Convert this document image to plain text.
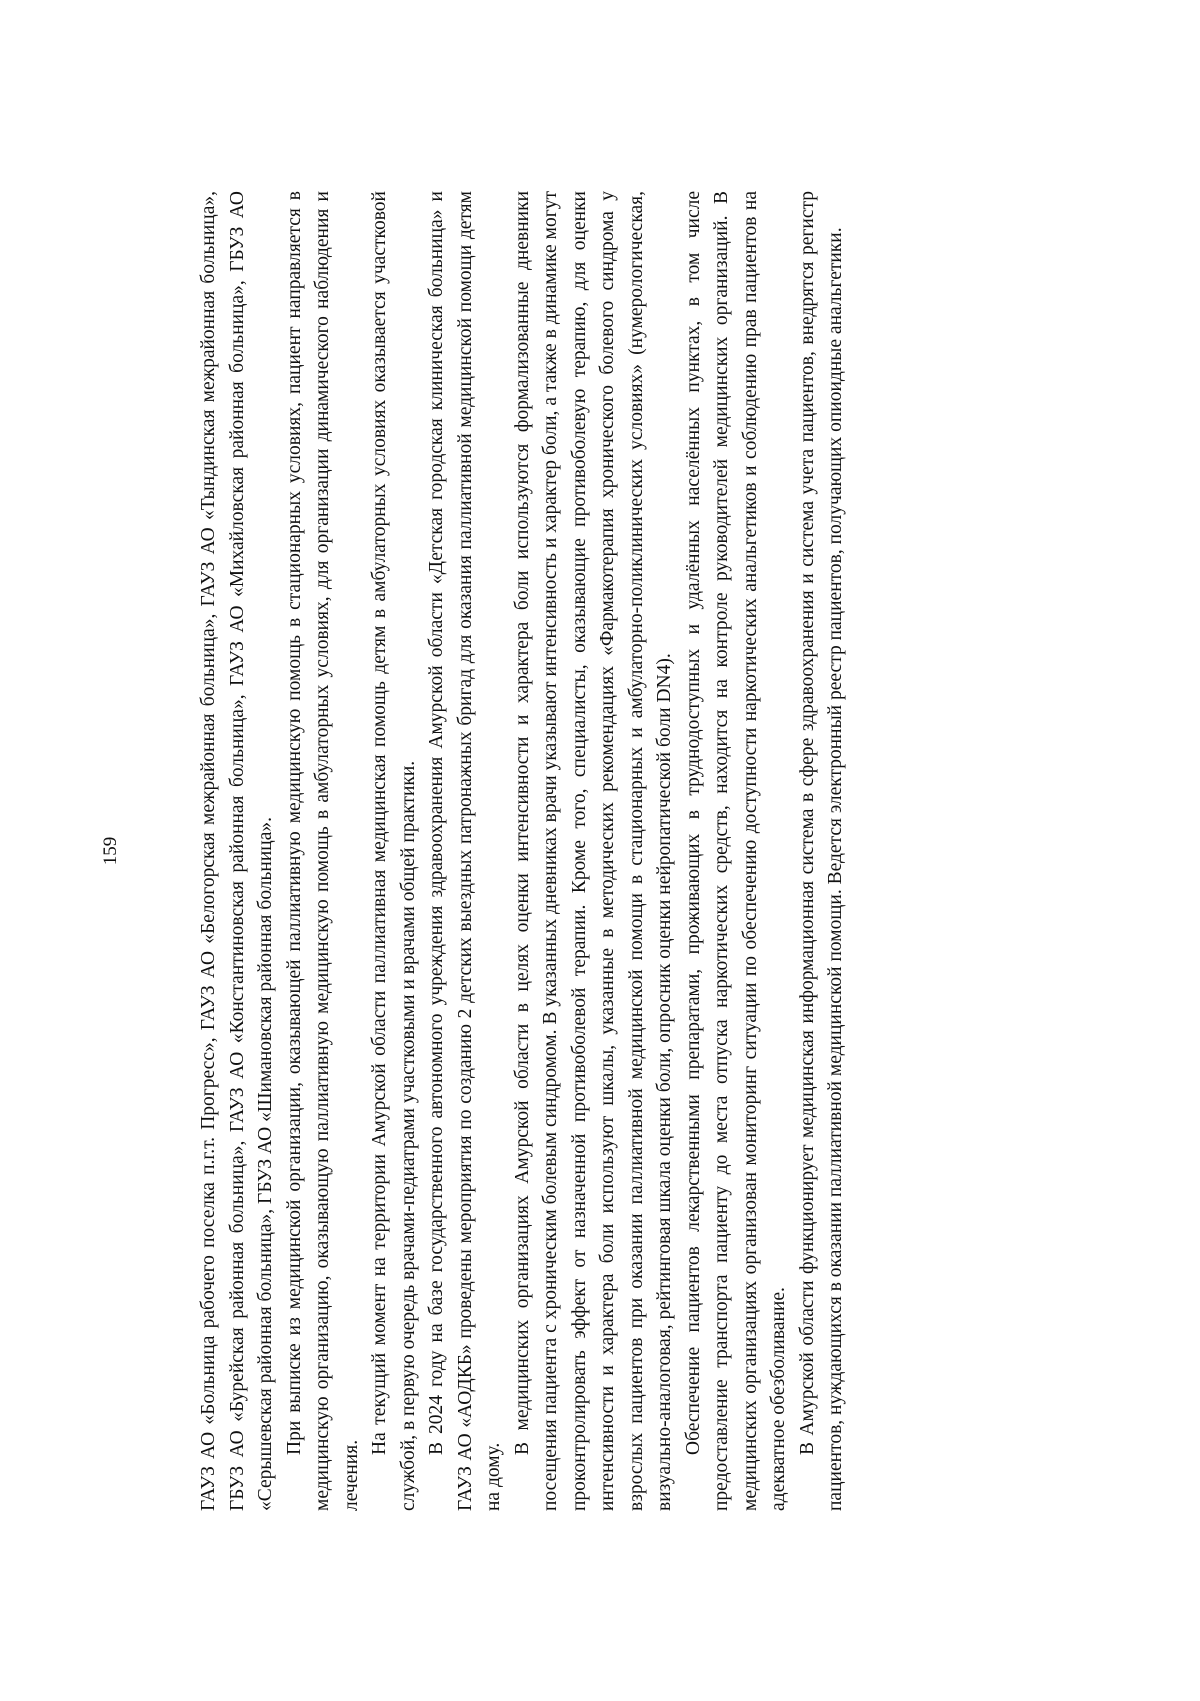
159	ГАУЗ АО «Больница рабочего поселка п.г.т. Прогресс», ГАУЗ АО «Белогорская межрайонная больница», ГАУЗ АО «Тындинская межрайонная больница», ГБУЗ АО «Бурейская районная больница», ГАУЗ АО «Константиновская районная больница», ГАУЗ АО «Михайловская районная больница», ГБУЗ АО «Серышевская районная больница», ГБУЗ АО «Шимановская районная больница». При выписке из медицинской организации, оказывающей паллиативную медицинскую помощь в стационарных условиях, пациент направляется в медицинскую организацию, оказывающую паллиативную медицинскую помощь в амбулаторных условиях, для организации динамического наблюдения и лечения.

На текущий момент на территории Амурской области паллиативная медицинская помощь детям в амбулаторных условиях оказывается участковой службой, в первую очередь врачами-педиатрами участковыми и врачами общей практики. В 2024 году на базе государственного автономного учреждения здравоохранения Амурской области «Детская городская клиническая больница» и ГАУЗ АО «АОДКБ» проведены мероприятия по созданию 2 детских выездных патронажных бригад для оказания паллиативной медицинской помощи детям на дому.

В медицинских организациях Амурской области в целях оценки интенсивности и характера боли используются формализованные дневники посещения пациента с хроническим болевым синдромом. В указанных дневниках врачи указывают интенсивность и характер боли, а также в динамике могут проконтролировать эффект от назначенной противоболевой терапии. Кроме того, специалисты, оказывающие противоболевую терапию, для оценки интенсивности и характера боли используют шкалы, указанные в методических рекомендациях «Фармакотерапия хронического болевого синдрома у взрослых пациентов при оказании паллиативной медицинской помощи в стационарных и амбулаторно-поликлинических условиях» (нумерологическая, визуально-аналоговая, рейтинговая шкала оценки боли, опросник оценки нейропатической боли DN4). Обеспечение пациентов лекарственными препаратами, проживающих в труднодоступных и удалённых населённых пунктах, в том числе предоставление транспорта пациенту до места отпуска наркотических средств, находится на контроле руководителей медицинских организаций. В медицинских организациях организован мониторинг ситуации по обеспечению доступности наркотических анальгетиков и соблюдению прав пациентов на адекватное обезболивание. В Амурской области функционирует медицинская информационная система в сфере здравоохранения и система учета пациентов, внедрятся регистр пациентов, нуждающихся в оказании паллиативной медицинской помощи. Ведется электронный реестр пациентов, получающих опиоидные анальгетики.
